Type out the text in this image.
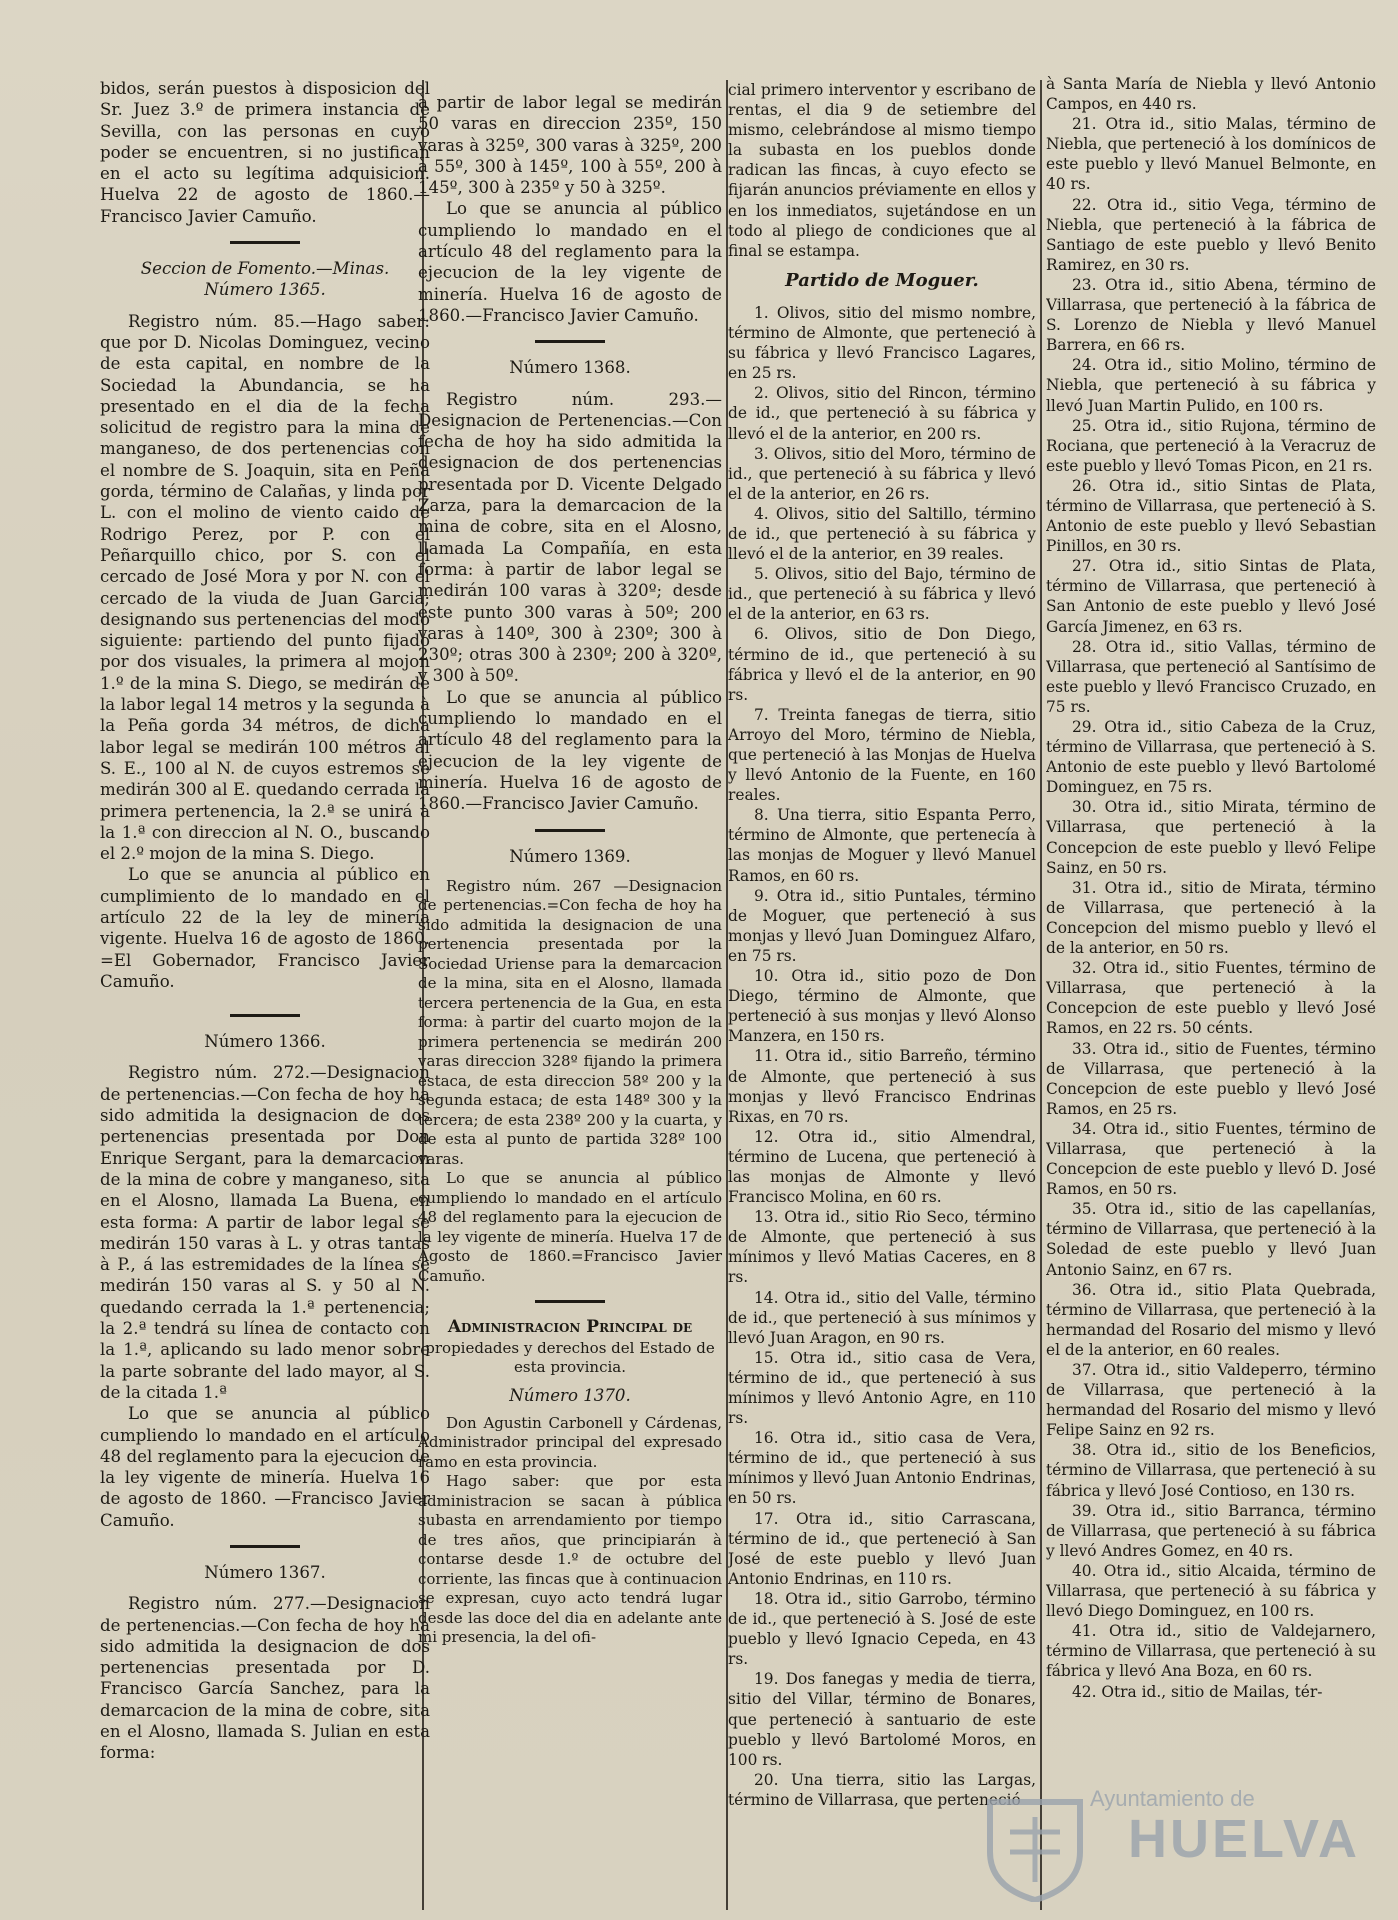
bidos, serán puestos à disposicion del Sr. Juez 3.º de primera instancia de Sevilla, con las personas en cuyo poder se encuentren, si no justifican en el acto su legítima adquisicion. Huelva 22 de agosto de 1860.—Francisco Javier Camuño.

Seccion de Fomento.—Minas.

Número 1365.

Registro núm. 85.—Hago saber: que por D. Nicolas Dominguez, vecino de esta capital, en nombre de la Sociedad la Abundancia, se ha presentado en el dia de la fecha solicitud de registro para la mina de manganeso, de dos pertenencias con el nombre de S. Joaquin, sita en Peña gorda, término de Calañas, y linda por L. con el molino de viento caido de Rodrigo Perez, por P. con el Peñarquillo chico, por S. con el cercado de José Mora y por N. con el cercado de la viuda de Juan Garcia; designando sus pertenencias del modo siguiente: partiendo del punto fijado por dos visuales, la primera al mojon 1.º de la mina S. Diego, se medirán de la labor legal 14 metros y la segunda à la Peña gorda 34 métros, de dicha labor legal se medirán 100 métros al S. E., 100 al N. de cuyos estremos se medirán 300 al E. quedando cerrada la primera pertenencia, la 2.ª se unirá à la 1.ª con direccion al N. O., buscando el 2.º mojon de la mina S. Diego.

Lo que se anuncia al público en cumplimiento de lo mandado en el artículo 22 de la ley de minería vigente. Huelva 16 de agosto de 1860. =El Gobernador, Francisco Javier Camuño.

Número 1366.

Registro núm. 272.—Designacion de pertenencias.—Con fecha de hoy ha sido admitida la designacion de dos pertenencias presentada por Don Enrique Sergant, para la demarcacion de la mina de cobre y manganeso, sita en el Alosno, llamada La Buena, en esta forma: A partir de labor legal se medirán 150 varas à L. y otras tantas à P., á las estremidades de la línea se medirán 150 varas al S. y 50 al N. quedando cerrada la 1.ª pertenencia; la 2.ª tendrá su línea de contacto con la 1.ª, aplicando su lado menor sobre la parte sobrante del lado mayor, al S. de la citada 1.ª

Lo que se anuncia al público cumpliendo lo mandado en el artículo 48 del reglamento para la ejecucion de la ley vigente de minería. Huelva 16 de agosto de 1860. —Francisco Javier Camuño.

Número 1367.

Registro núm. 277.—Designacion de pertenencias.—Con fecha de hoy ha sido admitida la designacion de dos pertenencias presentada por D. Francisco García Sanchez, para la demarcacion de la mina de cobre, sita en el Alosno, llamada S. Julian en esta forma:

à partir de labor legal se medirán 50 varas en direccion 235º, 150 varas à 325º, 300 varas à 325º, 200 à 55º, 300 à 145º, 100 à 55º, 200 à 145º, 300 à 235º y 50 à 325º.

Lo que se anuncia al público cumpliendo lo mandado en el artículo 48 del reglamento para la ejecucion de la ley vigente de minería. Huelva 16 de agosto de 1860.—Francisco Javier Camuño.

Número 1368.

Registro núm. 293.—Designacion de Pertenencias.—Con fecha de hoy ha sido admitida la designacion de dos pertenencias presentada por D. Vicente Delgado Zarza, para la demarcacion de la mina de cobre, sita en el Alosno, llamada La Compañía, en esta forma: à partir de labor legal se medirán 100 varas à 320º; desde este punto 300 varas à 50º; 200 varas à 140º, 300 à 230º; 300 à 230º; otras 300 à 230º; 200 à 320º, y 300 à 50º.

Lo que se anuncia al público cumpliendo lo mandado en el artículo 48 del reglamento para la ejecucion de la ley vigente de minería. Huelva 16 de agosto de 1860.—Francisco Javier Camuño.

Número 1369.

Registro núm. 267 —Designacion de pertenencias.=Con fecha de hoy ha sido admitida la designacion de una pertenencia presentada por la Sociedad Uriense para la demarcacion de la mina, sita en el Alosno, llamada tercera pertenencia de la Gua, en esta forma: à partir del cuarto mojon de la primera pertenencia se medirán 200 varas direccion 328º fijando la primera estaca, de esta direccion 58º 200 y la segunda estaca; de esta 148º 300 y la tercera; de esta 238º 200 y la cuarta, y de esta al punto de partida 328º 100 varas.

Lo que se anuncia al público cumpliendo lo mandado en el artículo 48 del reglamento para la ejecucion de la ley vigente de minería. Huelva 17 de Agosto de 1860.=Francisco Javier Camuño.

Administracion Principal de

propiedades y derechos del Estado de esta provincia.

Número 1370.

Don Agustin Carbonell y Cárdenas, Administrador principal del expresado ramo en esta provincia.

Hago saber: que por esta administracion se sacan à pública subasta en arrendamiento por tiempo de tres años, que principiarán à contarse desde 1.º de octubre del corriente, las fincas que à continuacion se expresan, cuyo acto tendrá lugar desde las doce del dia en adelante ante mi presencia, la del ofi-

cial primero interventor y escribano de rentas, el dia 9 de setiembre del mismo, celebrándose al mismo tiempo la subasta en los pueblos donde radican las fincas, à cuyo efecto se fijarán anuncios préviamente en ellos y en los inmediatos, sujetándose en un todo al pliego de condiciones que al final se estampa.

Partido de Moguer.

1. Olivos, sitio del mismo nombre, término de Almonte, que perteneció à su fábrica y llevó Francisco Lagares, en 25 rs.

2. Olivos, sitio del Rincon, término de id., que perteneció à su fábrica y llevó el de la anterior, en 200 rs.

3. Olivos, sitio del Moro, término de id., que perteneció à su fábrica y llevó el de la anterior, en 26 rs.

4. Olivos, sitio del Saltillo, término de id., que perteneció à su fábrica y llevó el de la anterior, en 39 reales.

5. Olivos, sitio del Bajo, término de id., que perteneció à su fábrica y llevó el de la anterior, en 63 rs.

6. Olivos, sitio de Don Diego, término de id., que perteneció à su fábrica y llevó el de la anterior, en 90 rs.

7. Treinta fanegas de tierra, sitio Arroyo del Moro, término de Niebla, que perteneció à las Monjas de Huelva y llevó Antonio de la Fuente, en 160 reales.

8. Una tierra, sitio Espanta Perro, término de Almonte, que pertenecía à las monjas de Moguer y llevó Manuel Ramos, en 60 rs.

9. Otra id., sitio Puntales, término de Moguer, que perteneció à sus monjas y llevó Juan Dominguez Alfaro, en 75 rs.

10. Otra id., sitio pozo de Don Diego, término de Almonte, que perteneció à sus monjas y llevó Alonso Manzera, en 150 rs.

11. Otra id., sitio Barreño, término de Almonte, que perteneció à sus monjas y llevó Francisco Endrinas Rixas, en 70 rs.

12. Otra id., sitio Almendral, término de Lucena, que perteneció à las monjas de Almonte y llevó Francisco Molina, en 60 rs.

13. Otra id., sitio Rio Seco, término de Almonte, que perteneció à sus mínimos y llevó Matias Caceres, en 8 rs.

14. Otra id., sitio del Valle, término de id., que perteneció à sus mínimos y llevó Juan Aragon, en 90 rs.

15. Otra id., sitio casa de Vera, término de id., que perteneció à sus mínimos y llevó Antonio Agre, en 110 rs.

16. Otra id., sitio casa de Vera, término de id., que perteneció à sus mínimos y llevó Juan Antonio Endrinas, en 50 rs.

17. Otra id., sitio Carrascana, término de id., que perteneció à San José de este pueblo y llevó Juan Antonio Endrinas, en 110 rs.

18. Otra id., sitio Garrobo, término de id., que perteneció à S. José de este pueblo y llevó Ignacio Cepeda, en 43 rs.

19. Dos fanegas y media de tierra, sitio del Villar, término de Bonares, que perteneció à santuario de este pueblo y llevó Bartolomé Moros, en 100 rs.

20. Una tierra, sitio las Largas, término de Villarrasa, que perteneció

à Santa María de Niebla y llevó Antonio Campos, en 440 rs.

21. Otra id., sitio Malas, término de Niebla, que perteneció à los domínicos de este pueblo y llevó Manuel Belmonte, en 40 rs.

22. Otra id., sitio Vega, término de Niebla, que perteneció à la fábrica de Santiago de este pueblo y llevó Benito Ramirez, en 30 rs.

23. Otra id., sitio Abena, término de Villarrasa, que perteneció à la fábrica de S. Lorenzo de Niebla y llevó Manuel Barrera, en 66 rs.

24. Otra id., sitio Molino, término de Niebla, que perteneció à su fábrica y llevó Juan Martin Pulido, en 100 rs.

25. Otra id., sitio Rujona, término de Rociana, que perteneció à la Veracruz de este pueblo y llevó Tomas Picon, en 21 rs.

26. Otra id., sitio Sintas de Plata, término de Villarrasa, que perteneció à S. Antonio de este pueblo y llevó Sebastian Pinillos, en 30 rs.

27. Otra id., sitio Sintas de Plata, término de Villarrasa, que perteneció à San Antonio de este pueblo y llevó José García Jimenez, en 63 rs.

28. Otra id., sitio Vallas, término de Villarrasa, que perteneció al Santísimo de este pueblo y llevó Francisco Cruzado, en 75 rs.

29. Otra id., sitio Cabeza de la Cruz, término de Villarrasa, que perteneció à S. Antonio de este pueblo y llevó Bartolomé Dominguez, en 75 rs.

30. Otra id., sitio Mirata, término de Villarrasa, que perteneció à la Concepcion de este pueblo y llevó Felipe Sainz, en 50 rs.

31. Otra id., sitio de Mirata, término de Villarrasa, que perteneció à la Concepcion del mismo pueblo y llevó el de la anterior, en 50 rs.

32. Otra id., sitio Fuentes, término de Villarrasa, que perteneció à la Concepcion de este pueblo y llevó José Ramos, en 22 rs. 50 cénts.

33. Otra id., sitio de Fuentes, término de Villarrasa, que perteneció à la Concepcion de este pueblo y llevó José Ramos, en 25 rs.

34. Otra id., sitio Fuentes, término de Villarrasa, que perteneció à la Concepcion de este pueblo y llevó D. José Ramos, en 50 rs.

35. Otra id., sitio de las capellanías, término de Villarrasa, que perteneció à la Soledad de este pueblo y llevó Juan Antonio Sainz, en 67 rs.

36. Otra id., sitio Plata Quebrada, término de Villarrasa, que perteneció à la hermandad del Rosario del mismo y llevó el de la anterior, en 60 reales.

37. Otra id., sitio Valdeperro, término de Villarrasa, que perteneció à la hermandad del Rosario del mismo y llevó Felipe Sainz en 92 rs.

38. Otra id., sitio de los Beneficios, término de Villarrasa, que perteneció à su fábrica y llevó José Contioso, en 130 rs.

39. Otra id., sitio Barranca, término de Villarrasa, que perteneció à su fábrica y llevó Andres Gomez, en 40 rs.

40. Otra id., sitio Alcaida, término de Villarrasa, que perteneció à su fábrica y llevó Diego Dominguez, en 100 rs.

41. Otra id., sitio de Valdejarnero, término de Villarrasa, que perteneció à su fábrica y llevó Ana Boza, en 60 rs.

42. Otra id., sitio de Mailas, tér-

Ayuntamiento de
HUELVA
